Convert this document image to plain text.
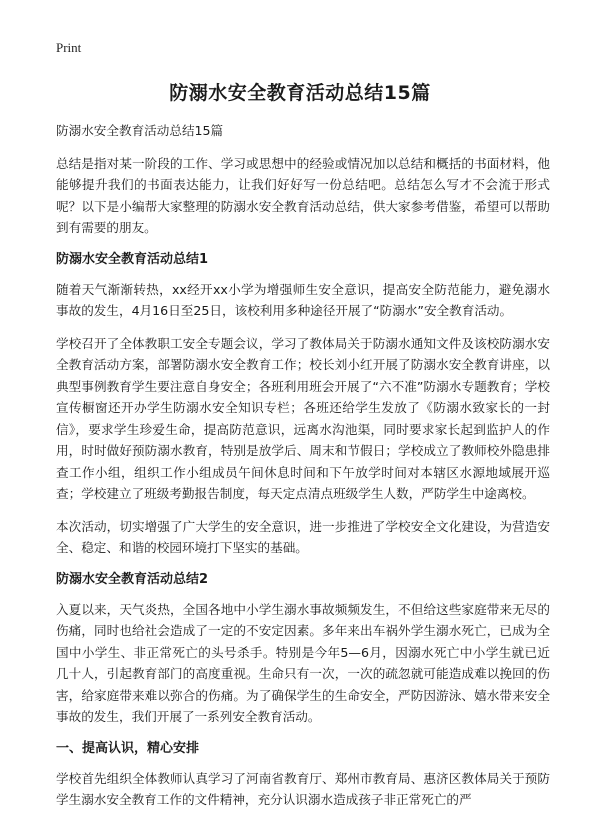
Print
防溺水安全教育活动总结15篇

防溺水安全教育活动总结15篇

总结是指对某一阶段的工作、学习或思想中的经验或情况加以总结和概括的书面材料，他能够提升我们的书面表达能力，让我们好好写一份总结吧。总结怎么写才不会流于形式呢？以下是小编帮大家整理的防溺水安全教育活动总结，供大家参考借鉴，希望可以帮助到有需要的朋友。

防溺水安全教育活动总结1

随着天气渐渐转热，xx经开xx小学为增强师生安全意识，提高安全防范能力，避免溺水事故的发生，4月16日至25日，该校利用多种途径开展了“防溺水”安全教育活动。

学校召开了全体教职工安全专题会议，学习了教体局关于防溺水通知文件及该校防溺水安全教育活动方案，部署防溺水安全教育工作；校长刘小红开展了防溺水安全教育讲座，以典型事例教育学生要注意自身安全；各班利用班会开展了“六不准”防溺水专题教育；学校宣传橱窗还开办学生防溺水安全知识专栏；各班还给学生发放了《防溺水致家长的一封信》，要求学生珍爱生命，提高防范意识，远离水沟池渠，同时要求家长起到监护人的作用，时时做好预防溺水教育，特别是放学后、周末和节假日；学校成立了教师校外隐患排查工作小组，组织工作小组成员午间休息时间和下午放学时间对本辖区水源地域展开巡查；学校建立了班级考勤报告制度，每天定点清点班级学生人数，严防学生中途离校。

本次活动，切实增强了广大学生的安全意识，进一步推进了学校安全文化建设，为营造安全、稳定、和谐的校园环境打下坚实的基础。

防溺水安全教育活动总结2

入夏以来，天气炎热，全国各地中小学生溺水事故频频发生，不但给这些家庭带来无尽的伤痛，同时也给社会造成了一定的不安定因素。多年来出车祸外学生溺水死亡，已成为全国中小学生、非正常死亡的头号杀手。特别是今年5—6月，因溺水死亡中小学生就已近几十人，引起教育部门的高度重视。生命只有一次，一次的疏忽就可能造成难以挽回的伤害，给家庭带来难以弥合的伤痛。为了确保学生的生命安全，严防因游泳、嬉水带来安全事故的发生，我们开展了一系列安全教育活动。

一、提高认识，精心安排

学校首先组织全体教师认真学习了河南省教育厅、郑州市教育局、惠济区教体局关于预防学生溺水安全教育工作的文件精神，充分认识溺水造成孩子非正常死亡的严
